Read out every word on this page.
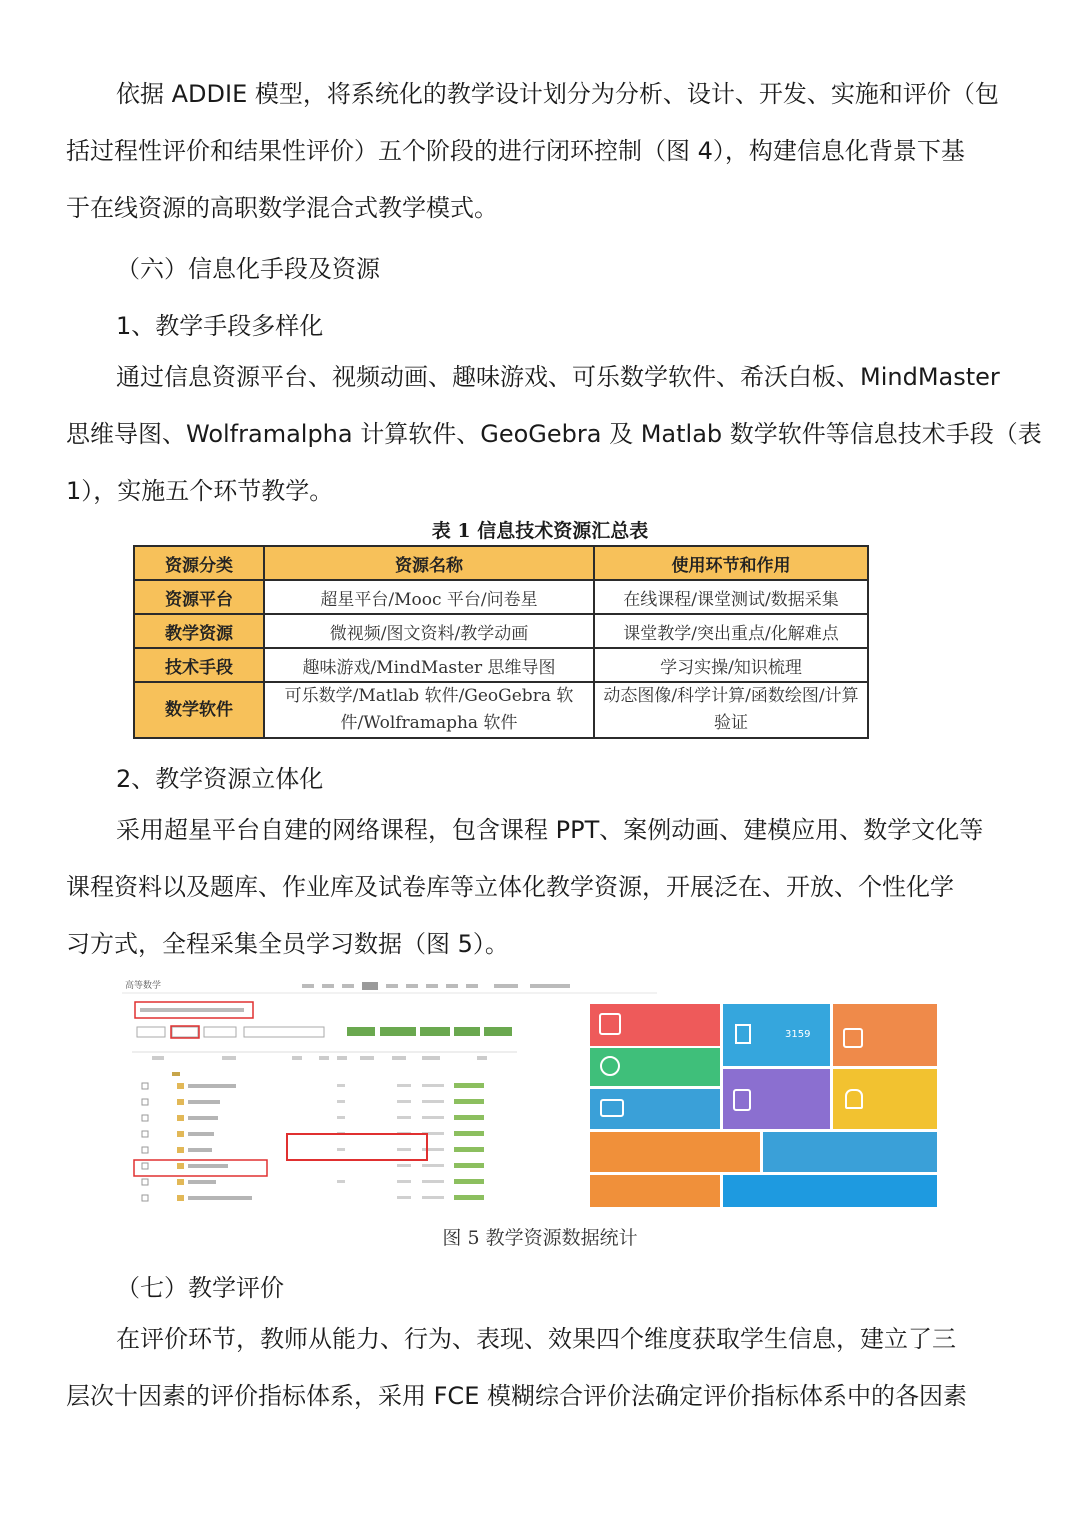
依据 ADDIE 模型，将系统化的教学设计划分为分析、设计、开发、实施和评价（包
括过程性评价和结果性评价）五个阶段的进行闭环控制（图 4），构建信息化背景下基
于在线资源的高职数学混合式教学模式。
（六）信息化手段及资源
1、教学手段多样化
通过信息资源平台、视频动画、趣味游戏、可乐数学软件、希沃白板、MindMaster
思维导图、Wolframalpha 计算软件、GeoGebra 及 Matlab 数学软件等信息技术手段（表
1），实施五个环节教学。
表 1 信息技术资源汇总表
资源分类	资源名称	使用环节和作用
资源平台	超星平台/Mooc 平台/问卷星	在线课程/课堂测试/数据采集
教学资源	微视频/图文资料/教学动画	课堂教学/突出重点/化解难点
技术手段	趣味游戏/MindMaster 思维导图	学习实操/知识梳理
数学软件	可乐数学/Matlab 软件/GeoGebra 软件/Wolframapha 软件	动态图像/科学计算/函数绘图/计算验证
2、教学资源立体化
采用超星平台自建的网络课程，包含课程 PPT、案例动画、建模应用、数学文化等
课程资料以及题库、作业库及试卷库等立体化教学资源，开展泛在、开放、个性化学
习方式，全程采集全员学习数据（图 5）。
高等数学
3159
图 5 教学资源数据统计
（七）教学评价
在评价环节，教师从能力、行为、表现、效果四个维度获取学生信息，建立了三
层次十因素的评价指标体系，采用 FCE 模糊综合评价法确定评价指标体系中的各因素
